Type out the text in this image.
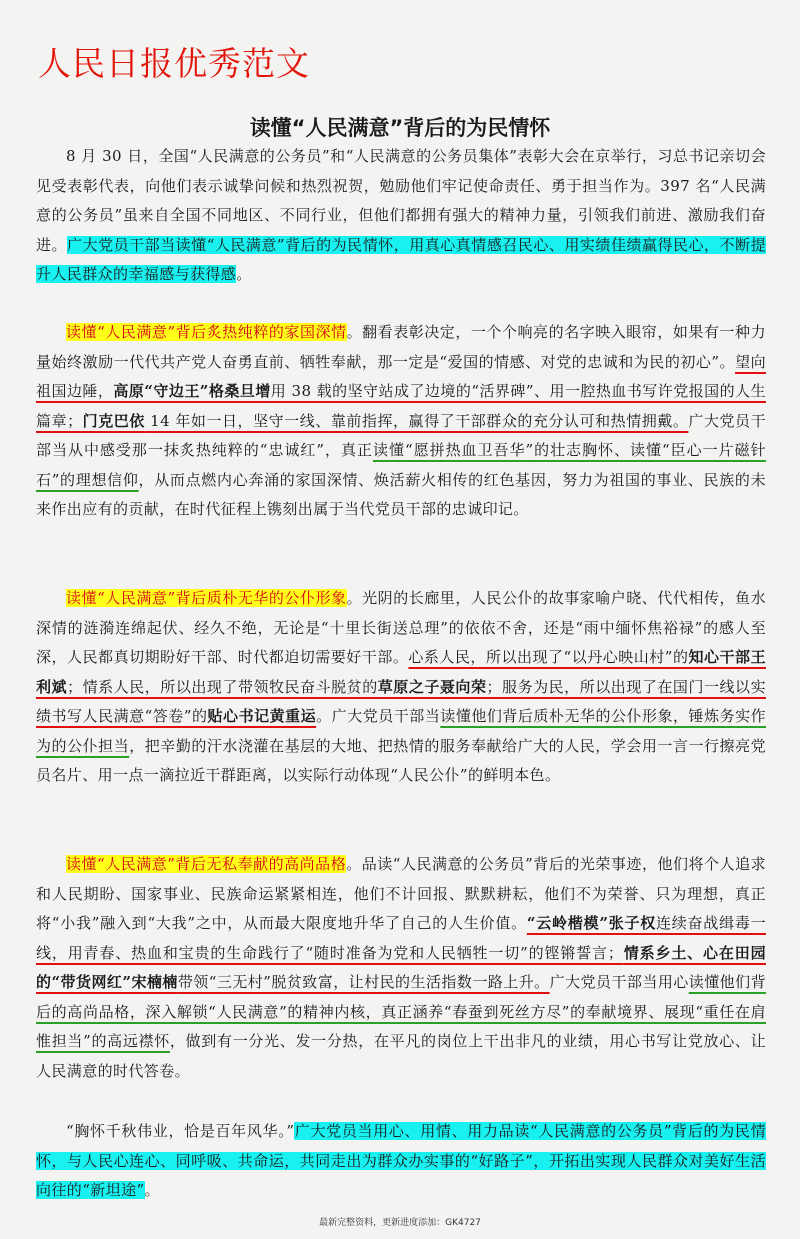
人民日报优秀范文
读懂“人民满意”背后的为民情怀

8 月 30 日，全国“人民满意的公务员”和“人民满意的公务员集体”表彰大会在京举行，习总书记亲切会见受表彰代表，向他们表示诚挚问候和热烈祝贺，勉励他们牢记使命责任、勇于担当作为。397 名“人民满意的公务员”虽来自全国不同地区、不同行业，但他们都拥有强大的精神力量，引领我们前进、激励我们奋进。广大党员干部当读懂“人民满意”背后的为民情怀，用真心真情感召民心、用实绩佳绩赢得民心，不断提升人民群众的幸福感与获得感。

读懂“人民满意”背后炙热纯粹的家国深情。翻看表彰决定，一个个响亮的名字映入眼帘，如果有一种力量始终激励一代代共产党人奋勇直前、牺牲奉献，那一定是“爱国的情感、对党的忠诚和为民的初心”。望向祖国边陲，高原“守边王”格桑旦增用 38 载的坚守站成了边境的“活界碑”、用一腔热血书写许党报国的人生篇章；门克巴依 14 年如一日，坚守一线、靠前指挥，赢得了干部群众的充分认可和热情拥戴。广大党员干部当从中感受那一抹炙热纯粹的“忠诚红”，真正读懂“愿拼热血卫吾华”的壮志胸怀、读懂“臣心一片磁针石”的理想信仰，从而点燃内心奔涌的家国深情、焕活薪火相传的红色基因，努力为祖国的事业、民族的未来作出应有的贡献，在时代征程上镌刻出属于当代党员干部的忠诚印记。

读懂“人民满意”背后质朴无华的公仆形象。光阴的长廊里，人民公仆的故事家喻户晓、代代相传，鱼水深情的涟漪连绵起伏、经久不绝，无论是“十里长街送总理”的依依不舍，还是“雨中缅怀焦裕禄”的感人至深，人民都真切期盼好干部、时代都迫切需要好干部。心系人民，所以出现了“以丹心映山村”的知心干部王利斌；情系人民，所以出现了带领牧民奋斗脱贫的草原之子聂向荣；服务为民，所以出现了在国门一线以实绩书写人民满意“答卷”的贴心书记黄重运。广大党员干部当读懂他们背后质朴无华的公仆形象，锤炼务实作为的公仆担当，把辛勤的汗水浇灌在基层的大地、把热情的服务奉献给广大的人民，学会用一言一行擦亮党员名片、用一点一滴拉近干群距离，以实际行动体现“人民公仆”的鲜明本色。

读懂“人民满意”背后无私奉献的高尚品格。品读“人民满意的公务员”背后的光荣事迹，他们将个人追求和人民期盼、国家事业、民族命运紧紧相连，他们不计回报、默默耕耘，他们不为荣誉、只为理想，真正将“小我”融入到“大我”之中，从而最大限度地升华了自己的人生价值。“云岭楷模”张子权连续奋战缉毒一线，用青春、热血和宝贵的生命践行了“随时准备为党和人民牺牲一切”的铿锵誓言；情系乡土、心在田园的“带货网红”宋楠楠带领“三无村”脱贫致富，让村民的生活指数一路上升。广大党员干部当用心读懂他们背后的高尚品格，深入解锁“人民满意”的精神内核，真正涵养“春蚕到死丝方尽”的奉献境界、展现“重任在肩惟担当”的高远襟怀，做到有一分光、发一分热，在平凡的岗位上干出非凡的业绩，用心书写让党放心、让人民满意的时代答卷。

“胸怀千秋伟业，恰是百年风华。”广大党员当用心、用情、用力品读“人民满意的公务员”背后的为民情怀，与人民心连心、同呼吸、共命运，共同走出为群众办实事的“好路子”，开拓出实现人民群众对美好生活向往的“新坦途”。

最新完整资料，更新进度添加：GK4727
